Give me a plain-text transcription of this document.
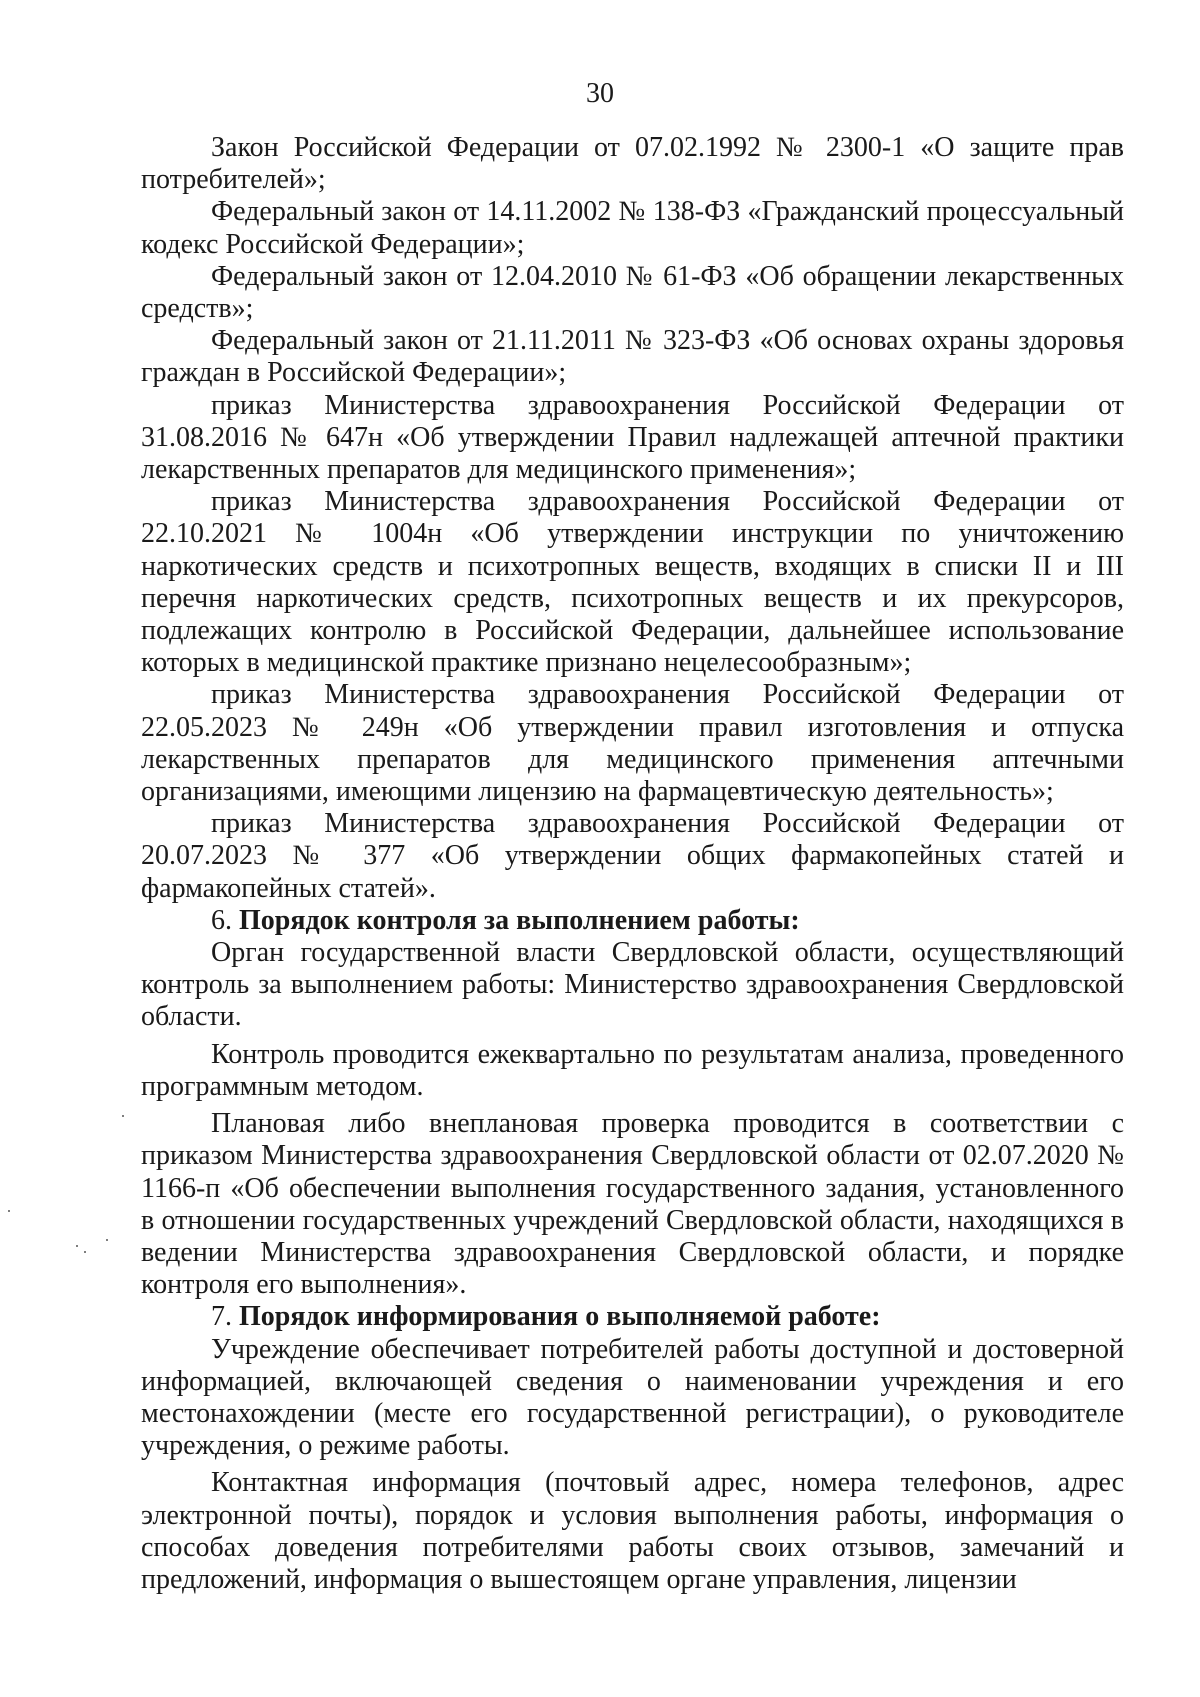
30

Закон Российской Федерации от 07.02.1992 № 2300-1 «О защите прав потребителей»;

Федеральный закон от 14.11.2002 № 138-ФЗ «Гражданский процессуальный кодекс Российской Федерации»;

Федеральный закон от 12.04.2010 № 61-ФЗ «Об обращении лекарственных средств»;

Федеральный закон от 21.11.2011 № 323-ФЗ «Об основах охраны здоровья граждан в Российской Федерации»;

приказ Министерства здравоохранения Российской Федерации от 31.08.2016 № 647н «Об утверждении Правил надлежащей аптечной практики лекарственных препаратов для медицинского применения»;

приказ Министерства здравоохранения Российской Федерации от 22.10.2021 № 1004н «Об утверждении инструкции по уничтожению наркотических средств и психотропных веществ, входящих в списки II и III перечня наркотических средств, психотропных веществ и их прекурсоров, подлежащих контролю в Российской Федерации, дальнейшее использование которых в медицинской практике признано нецелесообразным»;

приказ Министерства здравоохранения Российской Федерации от 22.05.2023 № 249н «Об утверждении правил изготовления и отпуска лекарственных препаратов для медицинского применения аптечными организациями, имеющими лицензию на фармацевтическую деятельность»;

приказ Министерства здравоохранения Российской Федерации от 20.07.2023 № 377 «Об утверждении общих фармакопейных статей и фармакопейных статей».

6. Порядок контроля за выполнением работы:

Орган государственной власти Свердловской области, осуществляющий контроль за выполнением работы: Министерство здравоохранения Свердловской области.

Контроль проводится ежеквартально по результатам анализа, проведенного программным методом.

Плановая либо внеплановая проверка проводится в соответствии с приказом Министерства здравоохранения Свердловской области от 02.07.2020 № 1166-п «Об обеспечении выполнения государственного задания, установленного в отношении государственных учреждений Свердловской области, находящихся в ведении Министерства здравоохранения Свердловской области, и порядке контроля его выполнения».

7. Порядок информирования о выполняемой работе:

Учреждение обеспечивает потребителей работы доступной и достоверной информацией, включающей сведения о наименовании учреждения и его местонахождении (месте его государственной регистрации), о руководителе учреждения, о режиме работы.

Контактная информация (почтовый адрес, номера телефонов, адрес электронной почты), порядок и условия выполнения работы, информация о способах доведения потребителями работы своих отзывов, замечаний и предложений, информация о вышестоящем органе управления, лицензии
